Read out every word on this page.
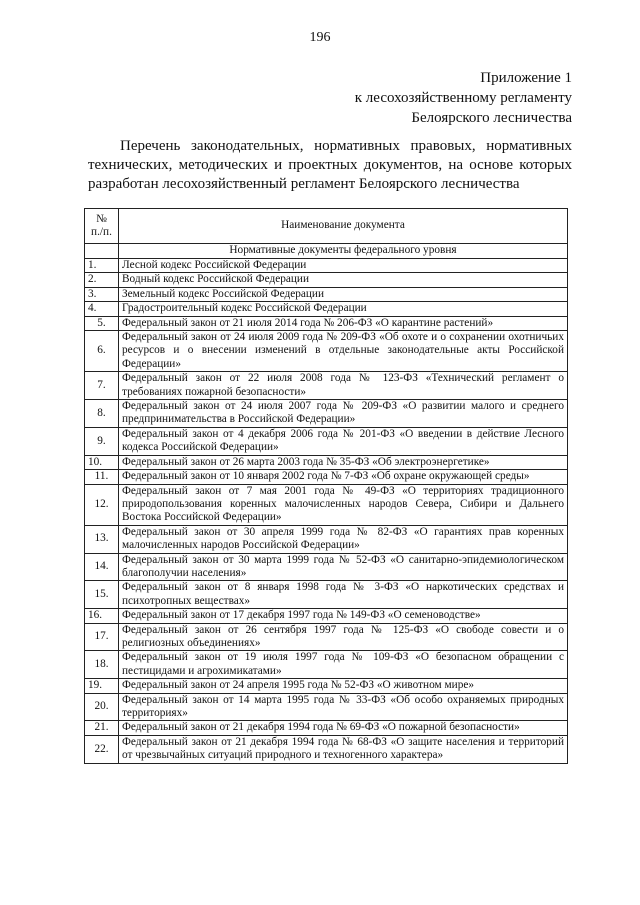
196
Приложение 1
к лесохозяйственному регламенту
Белоярского лесничества
Перечень законодательных, нормативных правовых, нормативных технических, методических и проектных документов, на основе которых разработан лесохозяйственный регламент Белоярского лесничества
№
п./п.	Наименование документа
	Нормативные документы федерального уровня
1.	Лесной кодекс Российской Федерации
2.	Водный кодекс Российской Федерации
3.	Земельный кодекс Российской Федерации
4.	Градостроительный кодекс Российской Федерации
5.	Федеральный закон от 21 июля 2014 года № 206-ФЗ «О карантине растений»
6.	Федеральный закон от 24 июля 2009 года № 209-ФЗ «Об охоте и о сохранении охотничьих ресурсов и о внесении изменений в отдельные законодательные акты Российской Федерации»
7.	Федеральный закон от 22 июля 2008 года № 123-ФЗ «Технический регламент о требованиях пожарной безопасности»
8.	Федеральный закон от 24 июля 2007 года № 209-ФЗ «О развитии малого и среднего предпринимательства в Российской Федерации»
9.	Федеральный закон от 4 декабря 2006 года № 201-ФЗ «О введении в действие Лесного кодекса Российской Федерации»
10.	Федеральный закон от 26 марта 2003 года № 35-ФЗ «Об электроэнергетике»
11.	Федеральный закон от 10 января 2002 года № 7-ФЗ «Об охране окружающей среды»
12.	Федеральный закон от 7 мая 2001 года № 49-ФЗ «О территориях традиционного природопользования коренных малочисленных народов Севера, Сибири и Дальнего Востока Российской Федерации»
13.	Федеральный закон от 30 апреля 1999 года № 82-ФЗ «О гарантиях прав коренных малочисленных народов Российской Федерации»
14.	Федеральный закон от 30 марта 1999 года № 52-ФЗ «О санитарно-эпидемиологическом благополучии населения»
15.	Федеральный закон от 8 января 1998 года № 3-ФЗ «О наркотических средствах и психотропных веществах»
16.	Федеральный закон от 17 декабря 1997 года № 149-ФЗ «О семеноводстве»
17.	Федеральный закон от 26 сентября 1997 года № 125-ФЗ «О свободе совести и о религиозных объединениях»
18.	Федеральный закон от 19 июля 1997 года № 109-ФЗ «О безопасном обращении с пестицидами и агрохимикатами»
19.	Федеральный закон от 24 апреля 1995 года № 52-ФЗ «О животном мире»
20.	Федеральный закон от 14 марта 1995 года № 33-ФЗ «Об особо охраняемых природных территориях»
21.	Федеральный закон от 21 декабря 1994 года № 69-ФЗ «О пожарной безопасности»
22.	Федеральный закон от 21 декабря 1994 года № 68-ФЗ «О защите населения и территорий от чрезвычайных ситуаций природного и техногенного характера»
